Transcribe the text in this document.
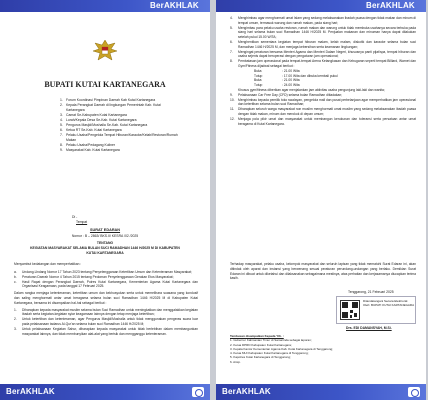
BerAKHLAK
BUPATI KUTAI KARTANEGARA
1. Forum Koordinasi Pimpinan Daerah Kab Kutai Kartanegara
2. Kepala Perangkat Daerah di lingkungan Pemerintah Kab. Kutai Kartanegara
3. Camat Se-Kabupaten Kutai Kartanegara
4. Lurah/Kepala Desa Se-Kab. Kutai Kartanegara
5. Pengurus Masjid/Mushalla Se-Kab. Kutai Kartanegara
6. Ketua RT Se-Kab. Kutai Kartanegara
7. Pelaku Usaha/Pengelola Tempat Hiburan/Karaoke/Kelab/Restoran/Rumah Makan
8. Pelaku Usaha/Pedagang Kuliner
9. Masyarakat Kab. Kutai Kartanegara
Di -
Tempat
SURAT EDARAN
Nomor : B – 2863/ BKS.II/ KESRA /02 /2025
TENTANG
KEGIATAN MASYARAKAT SELAMA BULAN SUCI RAMADHAN 1446 H/2025 M DI KABUPATEN KUTAI KARTANEGARA
Menyambut kedatangan dan memperhatikan :
a.	Undang-Undang Nomor 17 Tahun 2023 tentang Penyelenggaraan Ketertiban Umum dan Ketenteraman Masyarakat;
b.	Peraturan Daerah Nomor 4 Tahun 2015 tentang Pedoman Penyelenggaraan Gerakan Etos Masyarakat;
c.	Hasil Rapat dengan Perangkat Daerah, Polres Kutai Kartanegara, Kementerian Agama Kutai Kartanegara dan Organisasi Keagamaan, pada tanggal 17 Februari 2025.
Dalam rangka menjaga ketenteraman, ketertiban umum dan kekhusyukan serta untuk memelihara suasana yang kondusif dan saling menghormati antar umat beragama selama bulan suci Ramadhan 1446 H/2025 M di Kabupaten Kutai Kartanegara, bersama ini disampaikan hal-hal sebagai berikut :
1.	Diharapkan kepada masyarakat muslim selama bulan Suci Ramadhan untuk meningkatkan dan menggalakkan kegiatan ibadah serta kegiatan-kegiatan syiar keagamaan lainnya dengan tetap menjaga ketertiban;
2.	Untuk ketertiban dan ketenteraman, agar Pengurus Masjid/Mushalla untuk tidak menggunakan pengeras suara luar pada pelaksanaan tadarus Al-Qur'an selama bulan suci Ramadhan 1446 H/2025 M;
3.	Untuk pelaksanaan Kegiatan Sahur, diharapkan kepada masyarakat untuk tidak berlebihan dalam membangunkan masyarakat lainnya, dan tidak membunyikan alat-alat yang berisik dan mengganggu ketenteraman.
BerAKHLAK
BerAKHLAK
4.	Menghimbau agar menghormati umat Islam yang sedang melaksanakan ibadah puasa dengan tidak makan dan minum di tempat umum, termasuk warung dan rumah makan, pada siang hari;
5.	Mengimbau para pelaku usaha restoran, rumah makan dan warung untuk tidak membuka usahanya secara terbuka pada siang hari selama bulan suci Ramadhan 1446 H/2025 M. Penjualan makanan dan minuman hanya dapat dilakukan setelah pukul 15.00 WITA;
6.	Menghentikan sementara kegiatan tempat hiburan malam, kelab malam, diskotik dan karaoke selama bulan suci Ramadhan 1446 H/2025 M, dan menjaga kebersihan serta keamanan lingkungan;
7.	Mengingat peraturan bersama Menteri Agama dan Menteri Dalam Negeri, khususnya panti pijat/spa, tempat hiburan dan usaha sejenis dapat beroperasi dengan pengaturan jam operasional;
8.	Pembatasan jam operasional pada tempat-tempat Arena Ketangkasan dan Kebugaran seperti tempat Billiard, Warnet dan Gym/Fitness dijadwal sebagai berikut :
Buka	: 21.00 Wita
Tutup	: 17.00 Wita dan dibuka kembali pukul
Buka	: 21.00 Wita
Tutup	: 24.00 Wita
Khusus gym/fitness diberikan agar menjalankan jam aktivitas usaha pengunjung laki-laki dan wanita;
9.	Pelaksanaan Car Free Day (CFD) selama bulan Ramadhan ditiadakan;
10.	Menghimbau kepada pemilik toko swalayan, pengelola mall dan pusat perbelanjaan agar memperhatikan jam operasional dan ketertiban selama bulan suci Ramadhan;
11.	Diharapkan seluruh warga masyarakat non muslim menghormati umat muslim yang sedang melaksanakan ibadah puasa dengan tidak makan, minum dan merokok di depan umum;
12.	Menjaga pola pikir umat dan masyarakat untuk membangun kerukunan dan toleransi serta persatuan antar umat beragama di Kutai Kartanegara.
Terhadap masyarakat, pelaku usaha, kelompok masyarakat dan seluruh lapisan yang tidak mematuhi Surat Edaran ini, akan ditindak oleh aparat dan instansi yang berwenang sesuai peraturan perundang-undangan yang berlaku. Demikian Surat Edaran ini dibuat untuk diketahui dan dilaksanakan sebagaimana mestinya, atas perhatian dan kerjasamanya diucapkan terima kasih.
Tenggarong, 21 Februari 2025
Ditandatangani Secara Elektronik Oleh: BUPATI KUTAI KARTANEGARA
Drs. EDI DAMANSYAH, M.Si.
Tembusan disampaikan Kepada Yth. :
1. Gubernur Kalimantan Timur di Samarinda sebagai laporan;
2. Ketua DPRD Kabupaten Kutai Kartanegara;
3. Kepala Kantor Kementerian Agama Kab. Kutai Kartanegara di Tenggarong;
4. Ketua MUI Kabupaten Kutai Kartanegara di Tenggarong;
5. Kapolres Kutai Kartanegara di Tenggarong;
6. Arsip.
BerAKHLAK
